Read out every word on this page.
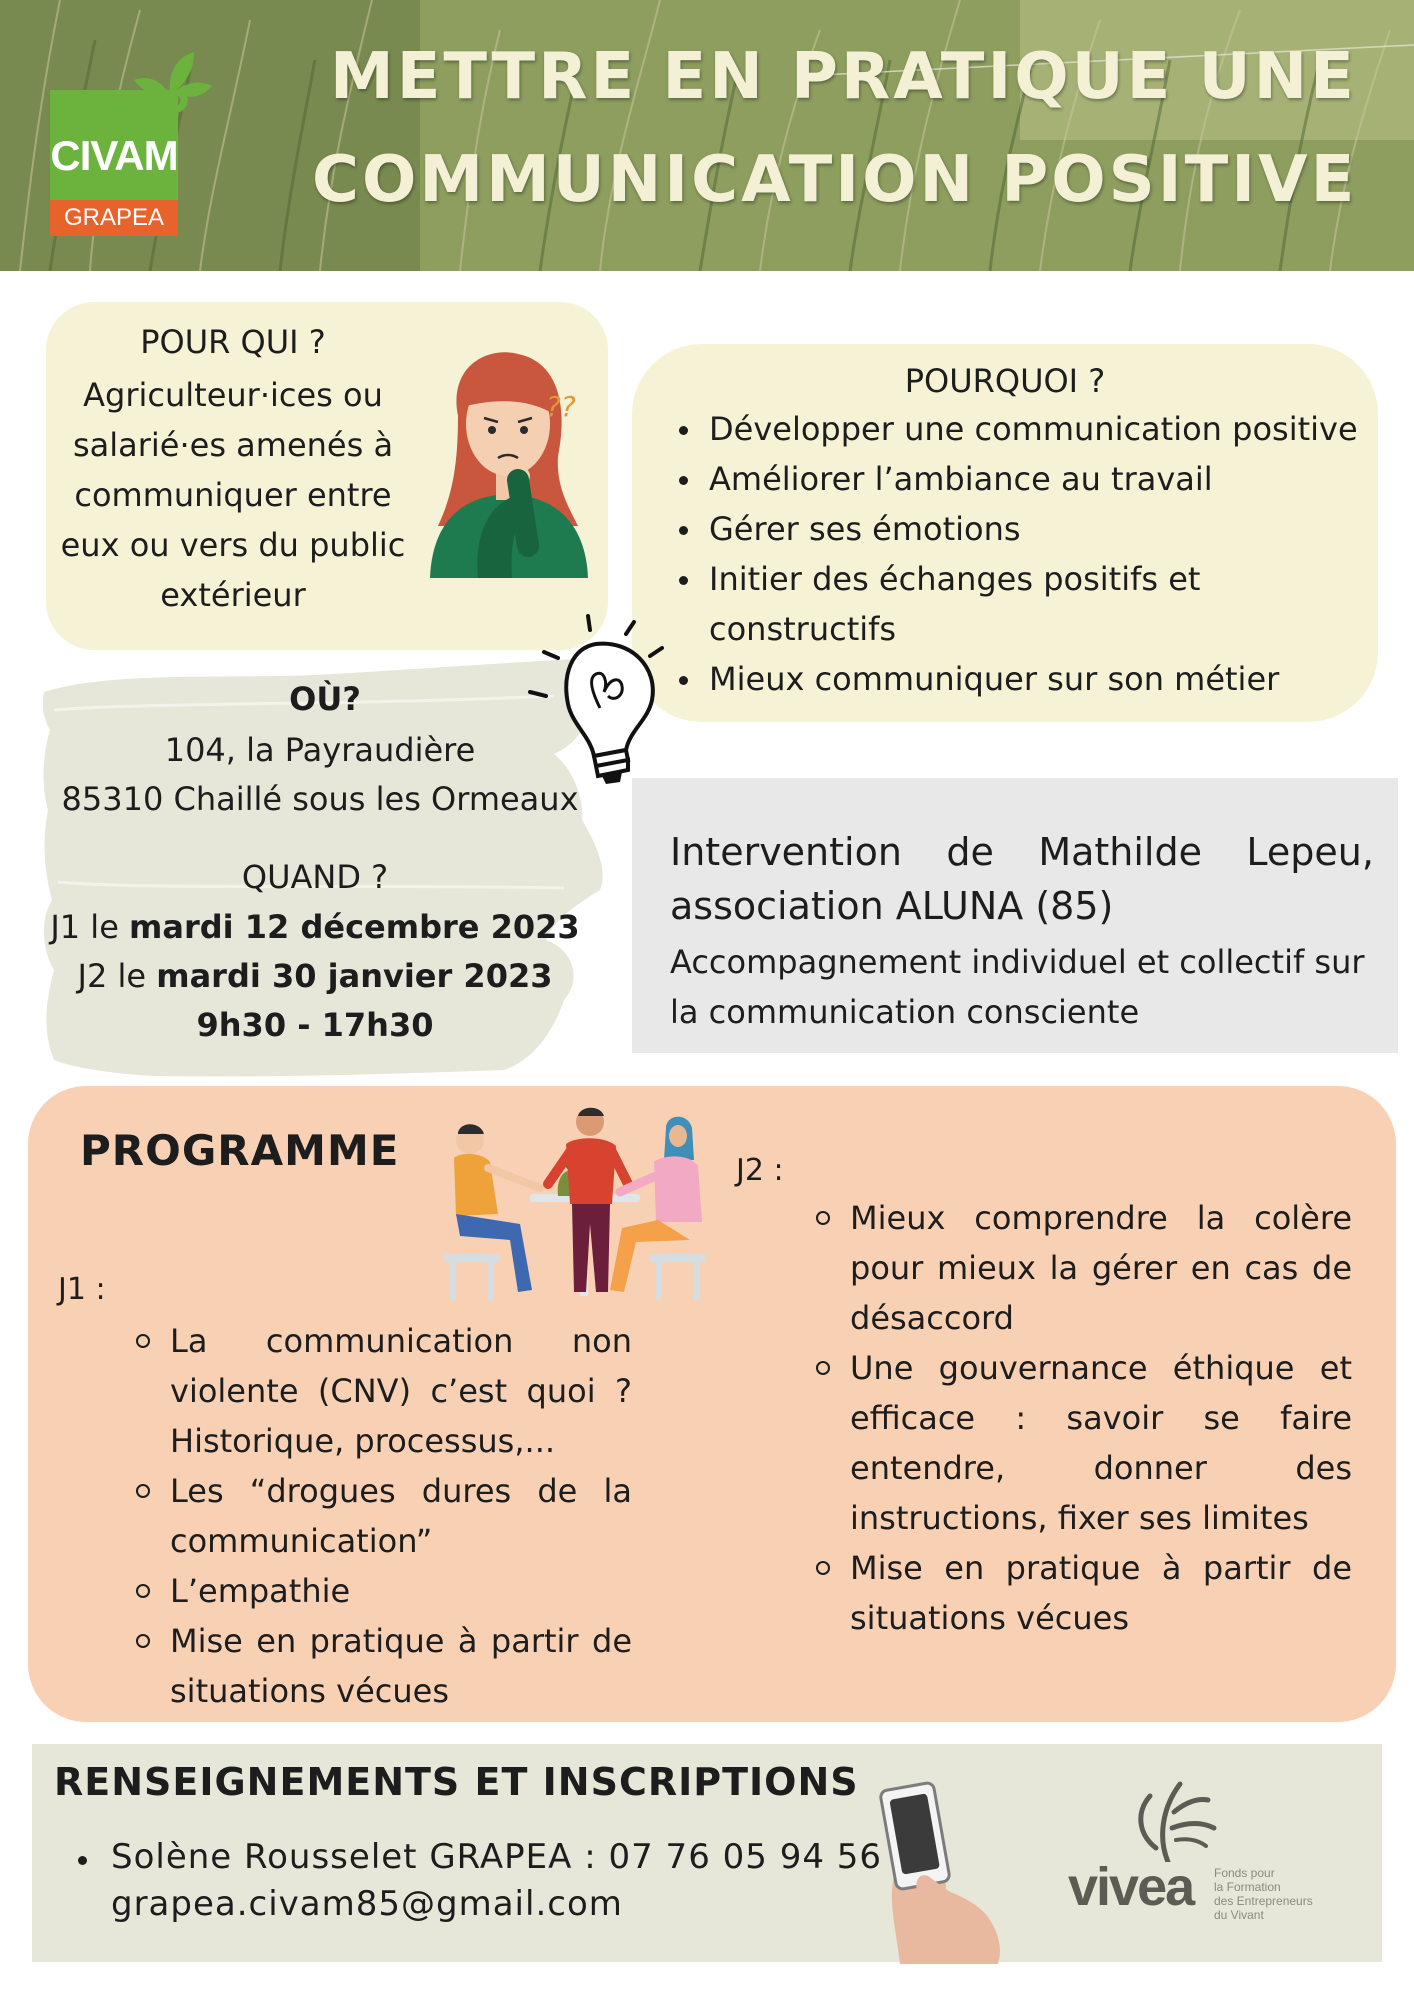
CIVAM
GRAPEA
METTRE EN PRATIQUE UNE
COMMUNICATION POSITIVE
POUR QUI ?
Agriculteur·ices ou
salarié·es amenés à
communiquer entre
eux ou vers du public
extérieur
??
POURQUOI ?
Développer une communication positive
Améliorer l’ambiance au travail
Gérer ses émotions
Initier des échanges positifs et constructifs
Mieux communiquer sur son métier
OÙ?
104, la Payraudière
85310 Chaillé sous les Ormeaux
QUAND ?
J1 le mardi 12 décembre 2023
J2 le mardi 30 janvier 2023
9h30 - 17h30
Intervention de Mathilde Lepeu,
association ALUNA (85)
Accompagnement individuel et collectif sur la communication consciente
PROGRAMME
J1 :
La communication non violente (CNV) c’est quoi ? Historique, processus,...
Les “drogues dures de la communication”
L’empathie
Mise en pratique à partir de situations vécues
J2 :
Mieux comprendre la colère pour mieux la gérer en cas de désaccord
Une gouvernance éthique et efficace : savoir se faire entendre, donner des instructions, fixer ses limites
Mise en pratique à partir de situations vécues
RENSEIGNEMENTS ET INSCRIPTIONS
Solène Rousselet GRAPEA : 07 76 05 94 56
grapea.civam85@gmail.com	vivea Fonds pour
la Formation
des Entrepreneurs
du Vivant
